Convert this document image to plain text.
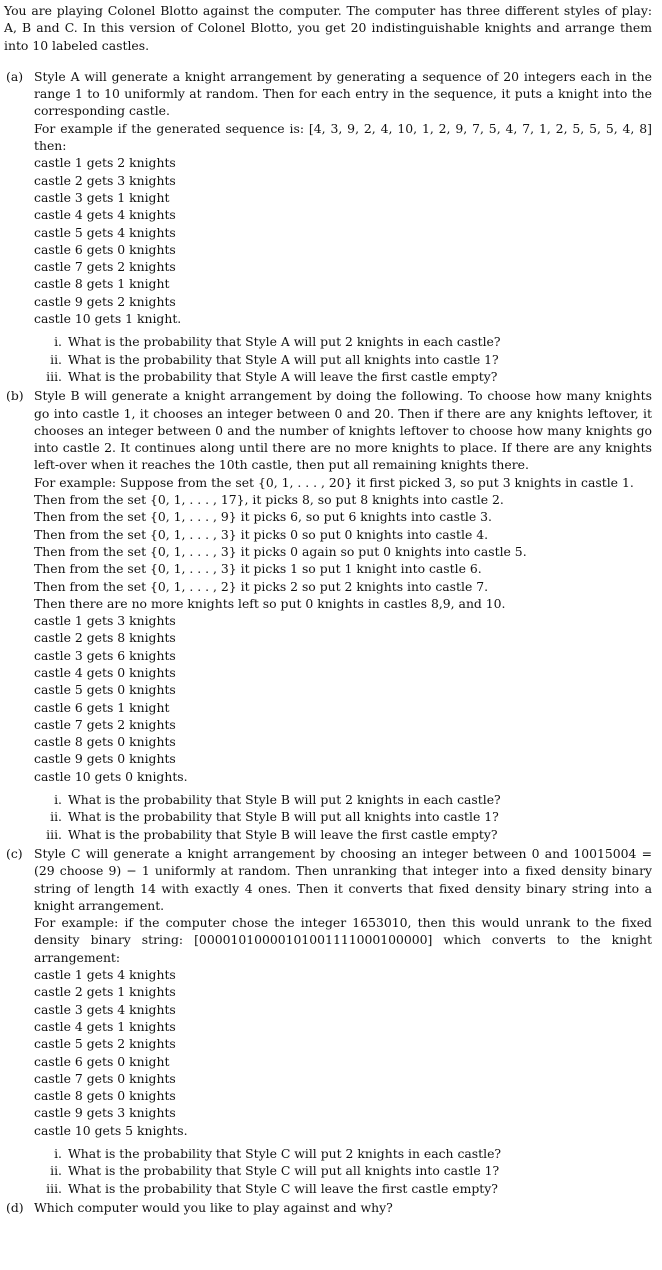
You are playing Colonel Blotto against the computer. The computer has three different styles of play: A, B and C. In this version of Colonel Blotto, you get 20 indistinguishable knights and arrange them into 10 labeled castles.

(a) Style A will generate a knight arrangement by generating a sequence of 20 integers each in the range 1 to 10 uniformly at random. Then for each entry in the sequence, it puts a knight into the corresponding castle.

For example if the generated sequence is: [4, 3, 9, 2, 4, 10, 1, 2, 9, 7, 5, 4, 7, 1, 2, 5, 5, 5, 4, 8] then:

castle 1 gets 2 knights
castle 2 gets 3 knights
castle 3 gets 1 knight
castle 4 gets 4 knights
castle 5 gets 4 knights
castle 6 gets 0 knights
castle 7 gets 2 knights
castle 8 gets 1 knight
castle 9 gets 2 knights
castle 10 gets 1 knight.
i. What is the probability that Style A will put 2 knights in each castle?
ii. What is the probability that Style A will put all knights into castle 1?
iii. What is the probability that Style A will leave the first castle empty?
(b) Style B will generate a knight arrangement by doing the following. To choose how many knights go into castle 1, it chooses an integer between 0 and 20. Then if there are any knights leftover, it chooses an integer between 0 and the number of knights leftover to choose how many knights go into castle 2. It continues along until there are no more knights to place. If there are any knights left-over when it reaches the 10th castle, then put all remaining knights there.

For example: Suppose from the set {0, 1, . . . , 20} it first picked 3, so put 3 knights in castle 1.
Then from the set {0, 1, . . . , 17}, it picks 8, so put 8 knights into castle 2.
Then from the set {0, 1, . . . , 9} it picks 6, so put 6 knights into castle 3.
Then from the set {0, 1, . . . , 3} it picks 0 so put 0 knights into castle 4.
Then from the set {0, 1, . . . , 3} it picks 0 again so put 0 knights into castle 5.
Then from the set {0, 1, . . . , 3} it picks 1 so put 1 knight into castle 6.
Then from the set {0, 1, . . . , 2} it picks 2 so put 2 knights into castle 7.
Then there are no more knights left so put 0 knights in castles 8,9, and 10.
castle 1 gets 3 knights
castle 2 gets 8 knights
castle 3 gets 6 knights
castle 4 gets 0 knights
castle 5 gets 0 knights
castle 6 gets 1 knight
castle 7 gets 2 knights
castle 8 gets 0 knights
castle 9 gets 0 knights
castle 10 gets 0 knights.
i. What is the probability that Style B will put 2 knights in each castle?
ii. What is the probability that Style B will put all knights into castle 1?
iii. What is the probability that Style B will leave the first castle empty?
(c) Style C will generate a knight arrangement by choosing an integer between 0 and 10015004 = (29 choose 9) − 1 uniformly at random. Then unranking that integer into a fixed density binary string of length 14 with exactly 4 ones. Then it converts that fixed density binary string into a knight arrangement.

For example: if the computer chose the integer 1653010, then this would unrank to the fixed density binary string: [00001010000101001111000100000] which converts to the knight arrangement:

castle 1 gets 4 knights
castle 2 gets 1 knights
castle 3 gets 4 knights
castle 4 gets 1 knights
castle 5 gets 2 knights
castle 6 gets 0 knight
castle 7 gets 0 knights
castle 8 gets 0 knights
castle 9 gets 3 knights
castle 10 gets 5 knights.
i. What is the probability that Style C will put 2 knights in each castle?
ii. What is the probability that Style C will put all knights into castle 1?
iii. What is the probability that Style C will leave the first castle empty?
(d) Which computer would you like to play against and why?
